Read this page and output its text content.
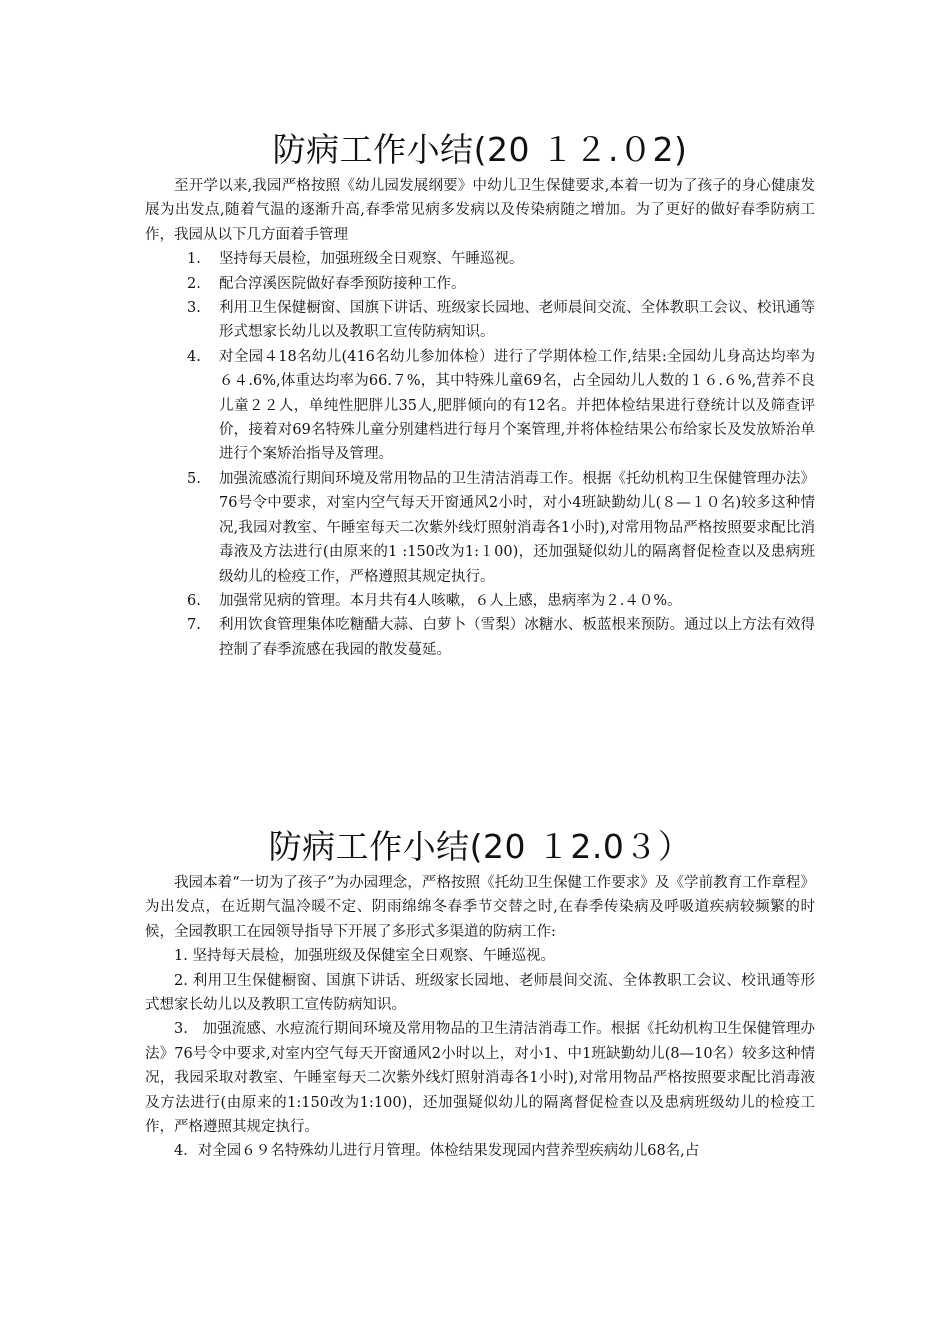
防病工作小结(20 １２.０2)

至开学以来,我园严格按照《幼儿园发展纲要》中幼儿卫生保健要求,本着一切为了孩子的身心健康发展为出发点,随着气温的逐渐升高,春季常见病多发病以及传染病随之增加。为了更好的做好春季防病工作，我园从以下几方面着手管理

1. 坚持每天晨检，加强班级全日观察、午睡巡视。
2. 配合淳溪医院做好春季预防接种工作。
3. 利用卫生保健橱窗、国旗下讲话、班级家长园地、老师晨间交流、全体教职工会议、校讯通等形式想家长幼儿以及教职工宣传防病知识。
4. 对全园４18名幼儿(416名幼儿参加体检）进行了学期体检工作,结果:全园幼儿身高达均率为６４.6%,体重达均率为66.７%，其中特殊儿童69名，占全园幼儿人数的１６.６%,营养不良儿童２２人，单纯性肥胖儿35人,肥胖倾向的有12名。并把体检结果进行登统计以及筛查评价，接着对69名特殊儿童分别建档进行每月个案管理,并将体检结果公布给家长及发放矫治单进行个案矫治指导及管理。
5. 加强流感流行期间环境及常用物品的卫生清洁消毒工作。根据《托幼机构卫生保健管理办法》76号令中要求，对室内空气每天开窗通风2小时，对小4班缺勤幼儿(８—１０名)较多这种情况,我园对教室、午睡室每天二次紫外线灯照射消毒各1小时),对常用物品严格按照要求配比消毒液及方法进行(由原来的1 :150改为1:１00)，还加强疑似幼儿的隔离督促检查以及患病班级幼儿的检疫工作，严格遵照其规定执行。
6. 加强常见病的管理。本月共有4人咳嗽，６人上感，患病率为２.４０%。
7. 利用饮食管理集体吃糖醋大蒜、白萝卜（雪梨）冰糖水、板蓝根来预防。通过以上方法有效得控制了春季流感在我园的散发蔓延。
防病工作小结(20 １2.0３）

我园本着“一切为了孩子”为办园理念，严格按照《托幼卫生保健工作要求》及《学前教育工作章程》为出发点，在近期气温冷暖不定、阴雨绵绵冬春季节交替之时,在春季传染病及呼吸道疾病较频繁的时候，全园教职工在园领导指导下开展了多形式多渠道的防病工作:

1. 坚持每天晨检，加强班级及保健室全日观察、午睡巡视。

2. 利用卫生保健橱窗、国旗下讲话、班级家长园地、老师晨间交流、全体教职工会议、校讯通等形式想家长幼儿以及教职工宣传防病知识。

3.　加强流感、水痘流行期间环境及常用物品的卫生清洁消毒工作。根据《托幼机构卫生保健管理办法》76号令中要求,对室内空气每天开窗通风2小时以上，对小1、中1班缺勤幼儿(8—10名）较多这种情况，我园采取对教室、午睡室每天二次紫外线灯照射消毒各1小时),对常用物品严格按照要求配比消毒液及方法进行(由原来的1:150改为1:100)，还加强疑似幼儿的隔离督促检查以及患病班级幼儿的检疫工作，严格遵照其规定执行。

4．对全园６９名特殊幼儿进行月管理。体检结果发现园内营养型疾病幼儿68名,占
